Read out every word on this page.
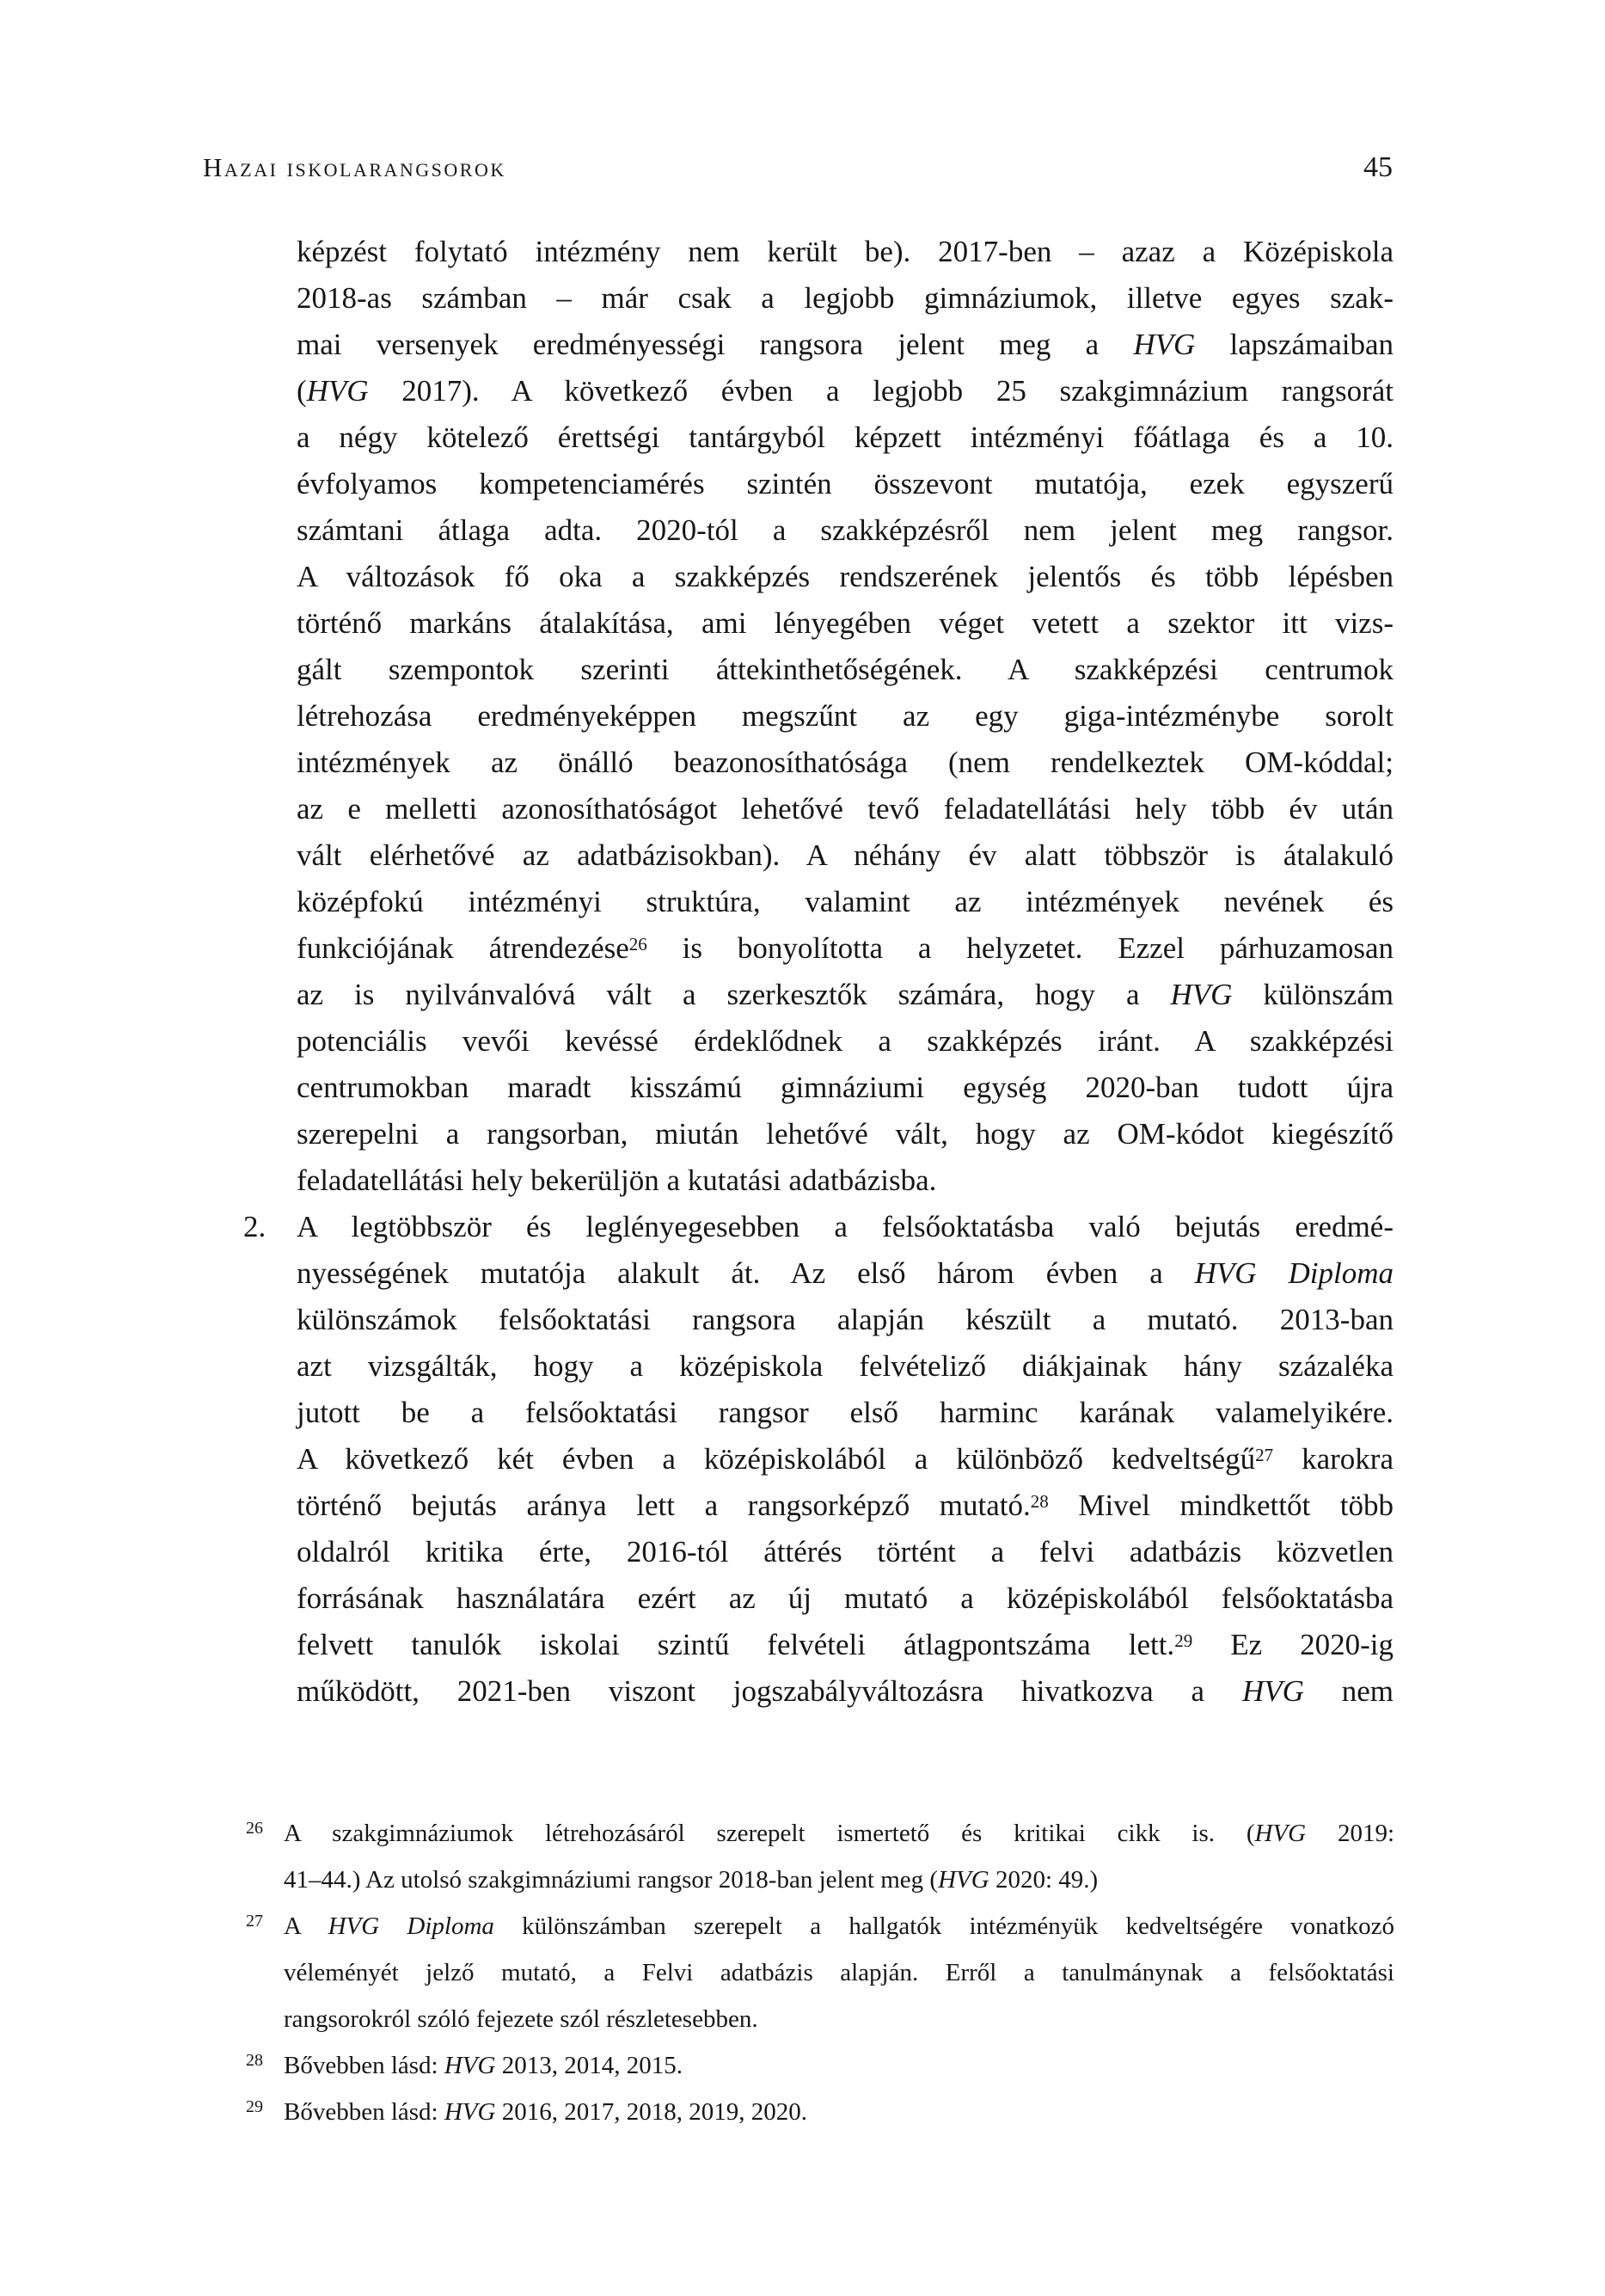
Hazai iskolarangsorok	45
képzést folytató intézmény nem került be). 2017-ben – azaz a Középiskola
2018-as számban – már csak a legjobb gimnáziumok, illetve egyes szak-
mai versenyek eredményességi rangsora jelent meg a HVG lapszámaiban
(HVG 2017). A következő évben a legjobb 25 szakgimnázium rangsorát
a négy kötelező érettségi tantárgyból képzett intézményi főátlaga és a 10.
évfolyamos kompetenciamérés szintén összevont mutatója, ezek egyszerű
számtani átlaga adta. 2020-tól a szakképzésről nem jelent meg rangsor.
A változások fő oka a szakképzés rendszerének jelentős és több lépésben
történő markáns átalakítása, ami lényegében véget vetett a szektor itt vizs-
gált szempontok szerinti áttekinthetőségének. A szakképzési centrumok
létrehozása eredményeképpen megszűnt az egy giga-intézménybe sorolt
intézmények az önálló beazonosíthatósága (nem rendelkeztek OM-kóddal;
az e melletti azonosíthatóságot lehetővé tevő feladatellátási hely több év után
vált elérhetővé az adatbázisokban). A néhány év alatt többször is átalakuló
középfokú intézményi struktúra, valamint az intézmények nevének és
funkciójának átrendezése$^{26}$ is bonyolította a helyzetet. Ezzel párhuzamosan
az is nyilvánvalóvá vált a szerkesztők számára, hogy a HVG különszám
potenciális vevői kevéssé érdeklődnek a szakképzés iránt. A szakképzési
centrumokban maradt kisszámú gimnáziumi egység 2020-ban tudott újra
szerepelni a rangsorban, miután lehetővé vált, hogy az OM-kódot kiegészítő
feladatellátási hely bekerüljön a kutatási adatbázisba.
2. A legtöbbször és leglényegesebben a felsőoktatásba való bejutás eredmé-
nyességének mutatója alakult át. Az első három évben a HVG Diploma
különszámok felsőoktatási rangsora alapján készült a mutató. 2013-ban
azt vizsgálták, hogy a középiskola felvételiző diákjainak hány százaléka
jutott be a felsőoktatási rangsor első harminc karának valamelyikére.
A következő két évben a középiskolából a különböző kedveltségű$^{27}$ karokra
történő bejutás aránya lett a rangsorképző mutató.$^{28}$ Mivel mindkettőt több
oldalról kritika érte, 2016-tól áttérés történt a felvi adatbázis közvetlen
forrásának használatára ezért az új mutató a középiskolából felsőoktatásba
felvett tanulók iskolai szintű felvételi átlagpontszáma lett.$^{29}$ Ez 2020-ig
működött, 2021-ben viszont jogszabályváltozásra hivatkozva a HVG nem
26 A szakgimnáziumok létrehozásáról szerepelt ismertető és kritikai cikk is. (HVG 2019:
41–44.) Az utolsó szakgimnáziumi rangsor 2018-ban jelent meg (HVG 2020: 49.)
27 A HVG Diploma különszámban szerepelt a hallgatók intézményük kedveltségére vonatkozó
véleményét jelző mutató, a Felvi adatbázis alapján. Erről a tanulmánynak a felsőoktatási
rangsorokról szóló fejezete szól részletesebben.
28 Bővebben lásd: HVG 2013, 2014, 2015.
29 Bővebben lásd: HVG 2016, 2017, 2018, 2019, 2020.
